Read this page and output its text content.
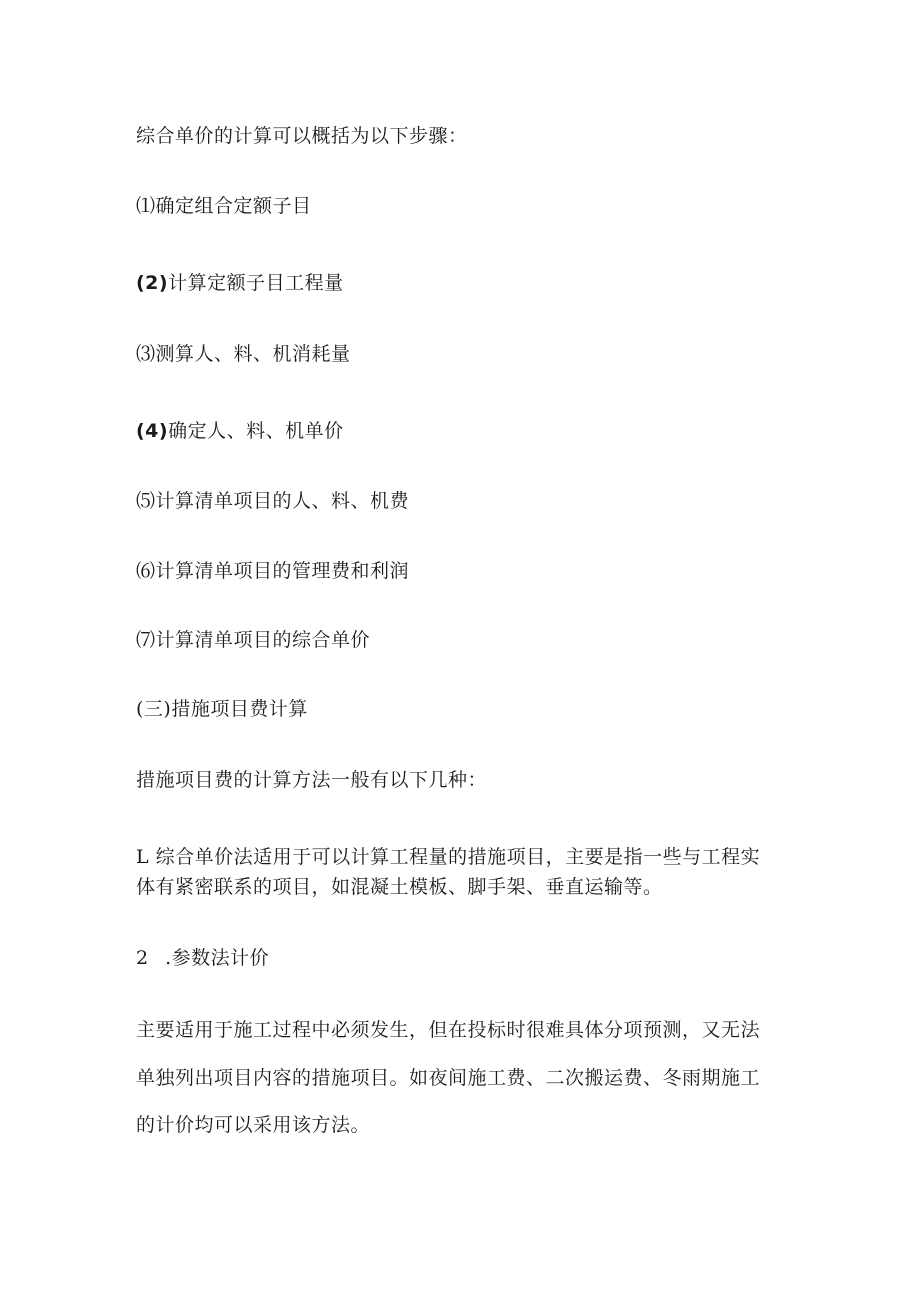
综合单价的计算可以概括为以下步骤：
⑴确定组合定额子目
(2)计算定额子目工程量
⑶测算人、料、机消耗量
(4)确定人、料、机单价
⑸计算清单项目的人、料、机费
⑹计算清单项目的管理费和利润
⑺计算清单项目的综合单价
(三)措施项目费计算
措施项目费的计算方法一般有以下几种：
L 综合单价法适用于可以计算工程量的措施项目，主要是指一些与工程实
体有紧密联系的项目，如混凝土模板、脚手架、垂直运输等。
2 .参数法计价
主要适用于施工过程中必须发生，但在投标时很难具体分项预测，又无法
单独列出项目内容的措施项目。如夜间施工费、二次搬运费、冬雨期施工
的计价均可以采用该方法。
